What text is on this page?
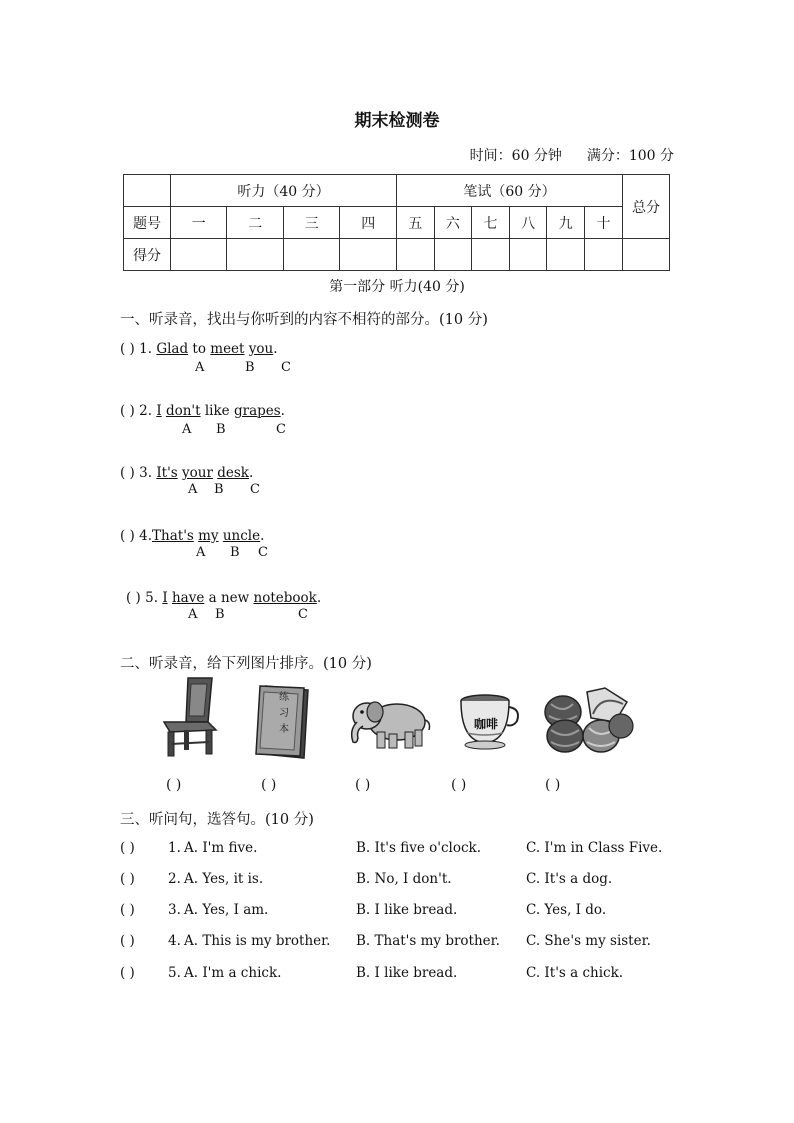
期末检测卷
时间：60 分钟 满分：100 分
	听力（40 分）				笔试（60 分）						总分
题号	一	二	三	四	五	六	七	八	九	十	
得分											
第一部分 听力(40 分)
一、听录音，找出与你听到的内容不相符的部分。(10 分)
( ) 1. Glad to meet you.
A	B C
( ) 2. I don't like grapes.
A B	C
( ) 3. It's your desk.
A B C
( ) 4.That's my uncle.
A B C
( ) 5. I have a new notebook.
A B	C
二、听录音，给下列图片排序。(10 分)
练
习
本	咖啡
( )	( )	( )	( )	( )
三、听问句，选答句。(10 分)
( ) 1. A. I'm five.	B. It's five o'clock.	C. I'm in Class Five.
( ) 2. A. Yes, it is.	B. No, I don't.	C. It's a dog.
( ) 3. A. Yes, I am.	B. I like bread.	C. Yes, I do.
( ) 4. A. This is my brother. B. That's my brother. C. She's my sister.
( ) 5. A. I'm a chick.	B. I like bread.	C. It's a chick.
